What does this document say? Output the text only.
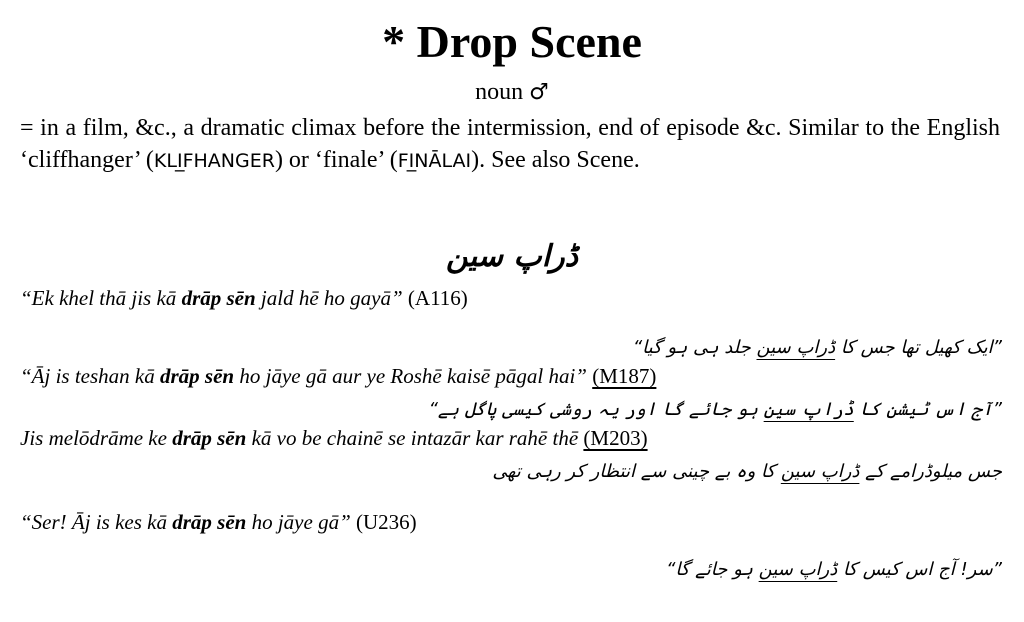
* Drop Scene
noun ♂

= in a film, &c., a dramatic climax before the intermission, end of episode &c. Similar to the English ‘cliffhanger’ (KLI̲FHANGER) or ‘finale’ (FI̲NĀLAI). See also Scene.

ڈراپ سین

“Ek khel thā jis kā drāp sēn jald hē ho gayā” (A116)

”ایک کھیل تھا جس کا ڈراپ سین جلد ہی ہو گیا“

“Āj is teshan kā drāp sēn ho jāye gā aur ye Roshē kaisē pāgal hai” (M187)

”آج اس ٹیشن کا ڈراپ سین ہو جائے گا اور یہ روشی کیسی پاگل ہے“

Jis melōdrāme ke drāp sēn kā vo be chainē se intazār kar rahē thē (M203)

جس میلوڈرامے کے ڈراپ سین کا وہ بے چینی سے انتظار کر رہی تھی

“Ser! Āj is kes kā drāp sēn ho jāye gā” (U236)

”سر! آج اس کیس کا ڈراپ سین ہو جائے گا“
